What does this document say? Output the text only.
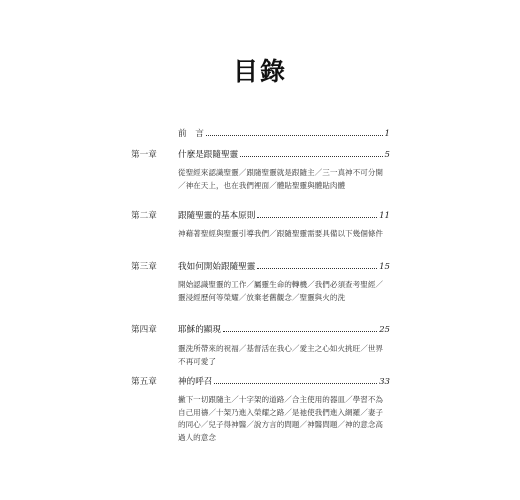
目錄
前　言	1
第一章 什麼是跟隨聖靈	5
從聖經來認識聖靈／跟隨聖靈就是跟隨主／三一真神不可分開／神在天上，也在我們裡面／體貼聖靈與體貼肉體
第二章 跟隨聖靈的基本原則	11
神藉著聖經與聖靈引導我們／跟隨聖靈需要具備以下幾個條件
第三章 我如何開始跟隨聖靈	15
開始認識聖靈的工作／屬靈生命的轉機／我們必須查考聖經／靈浸經歷何等榮耀／放棄老舊觀念／聖靈與火的洗
第四章 耶穌的顯現	25
靈洗所帶來的祝福／基督活在我心／愛主之心如火挑旺／世界不再可愛了
第五章 神的呼召	33
撇下一切跟隨主／十字架的道路／合主使用的器皿／學習不為自己用禱／十架乃進入榮耀之路／是祂使我們進入網羅／妻子的同心／兒子得神醫／說方言的問題／神醫問題／神的意念高過人的意念
